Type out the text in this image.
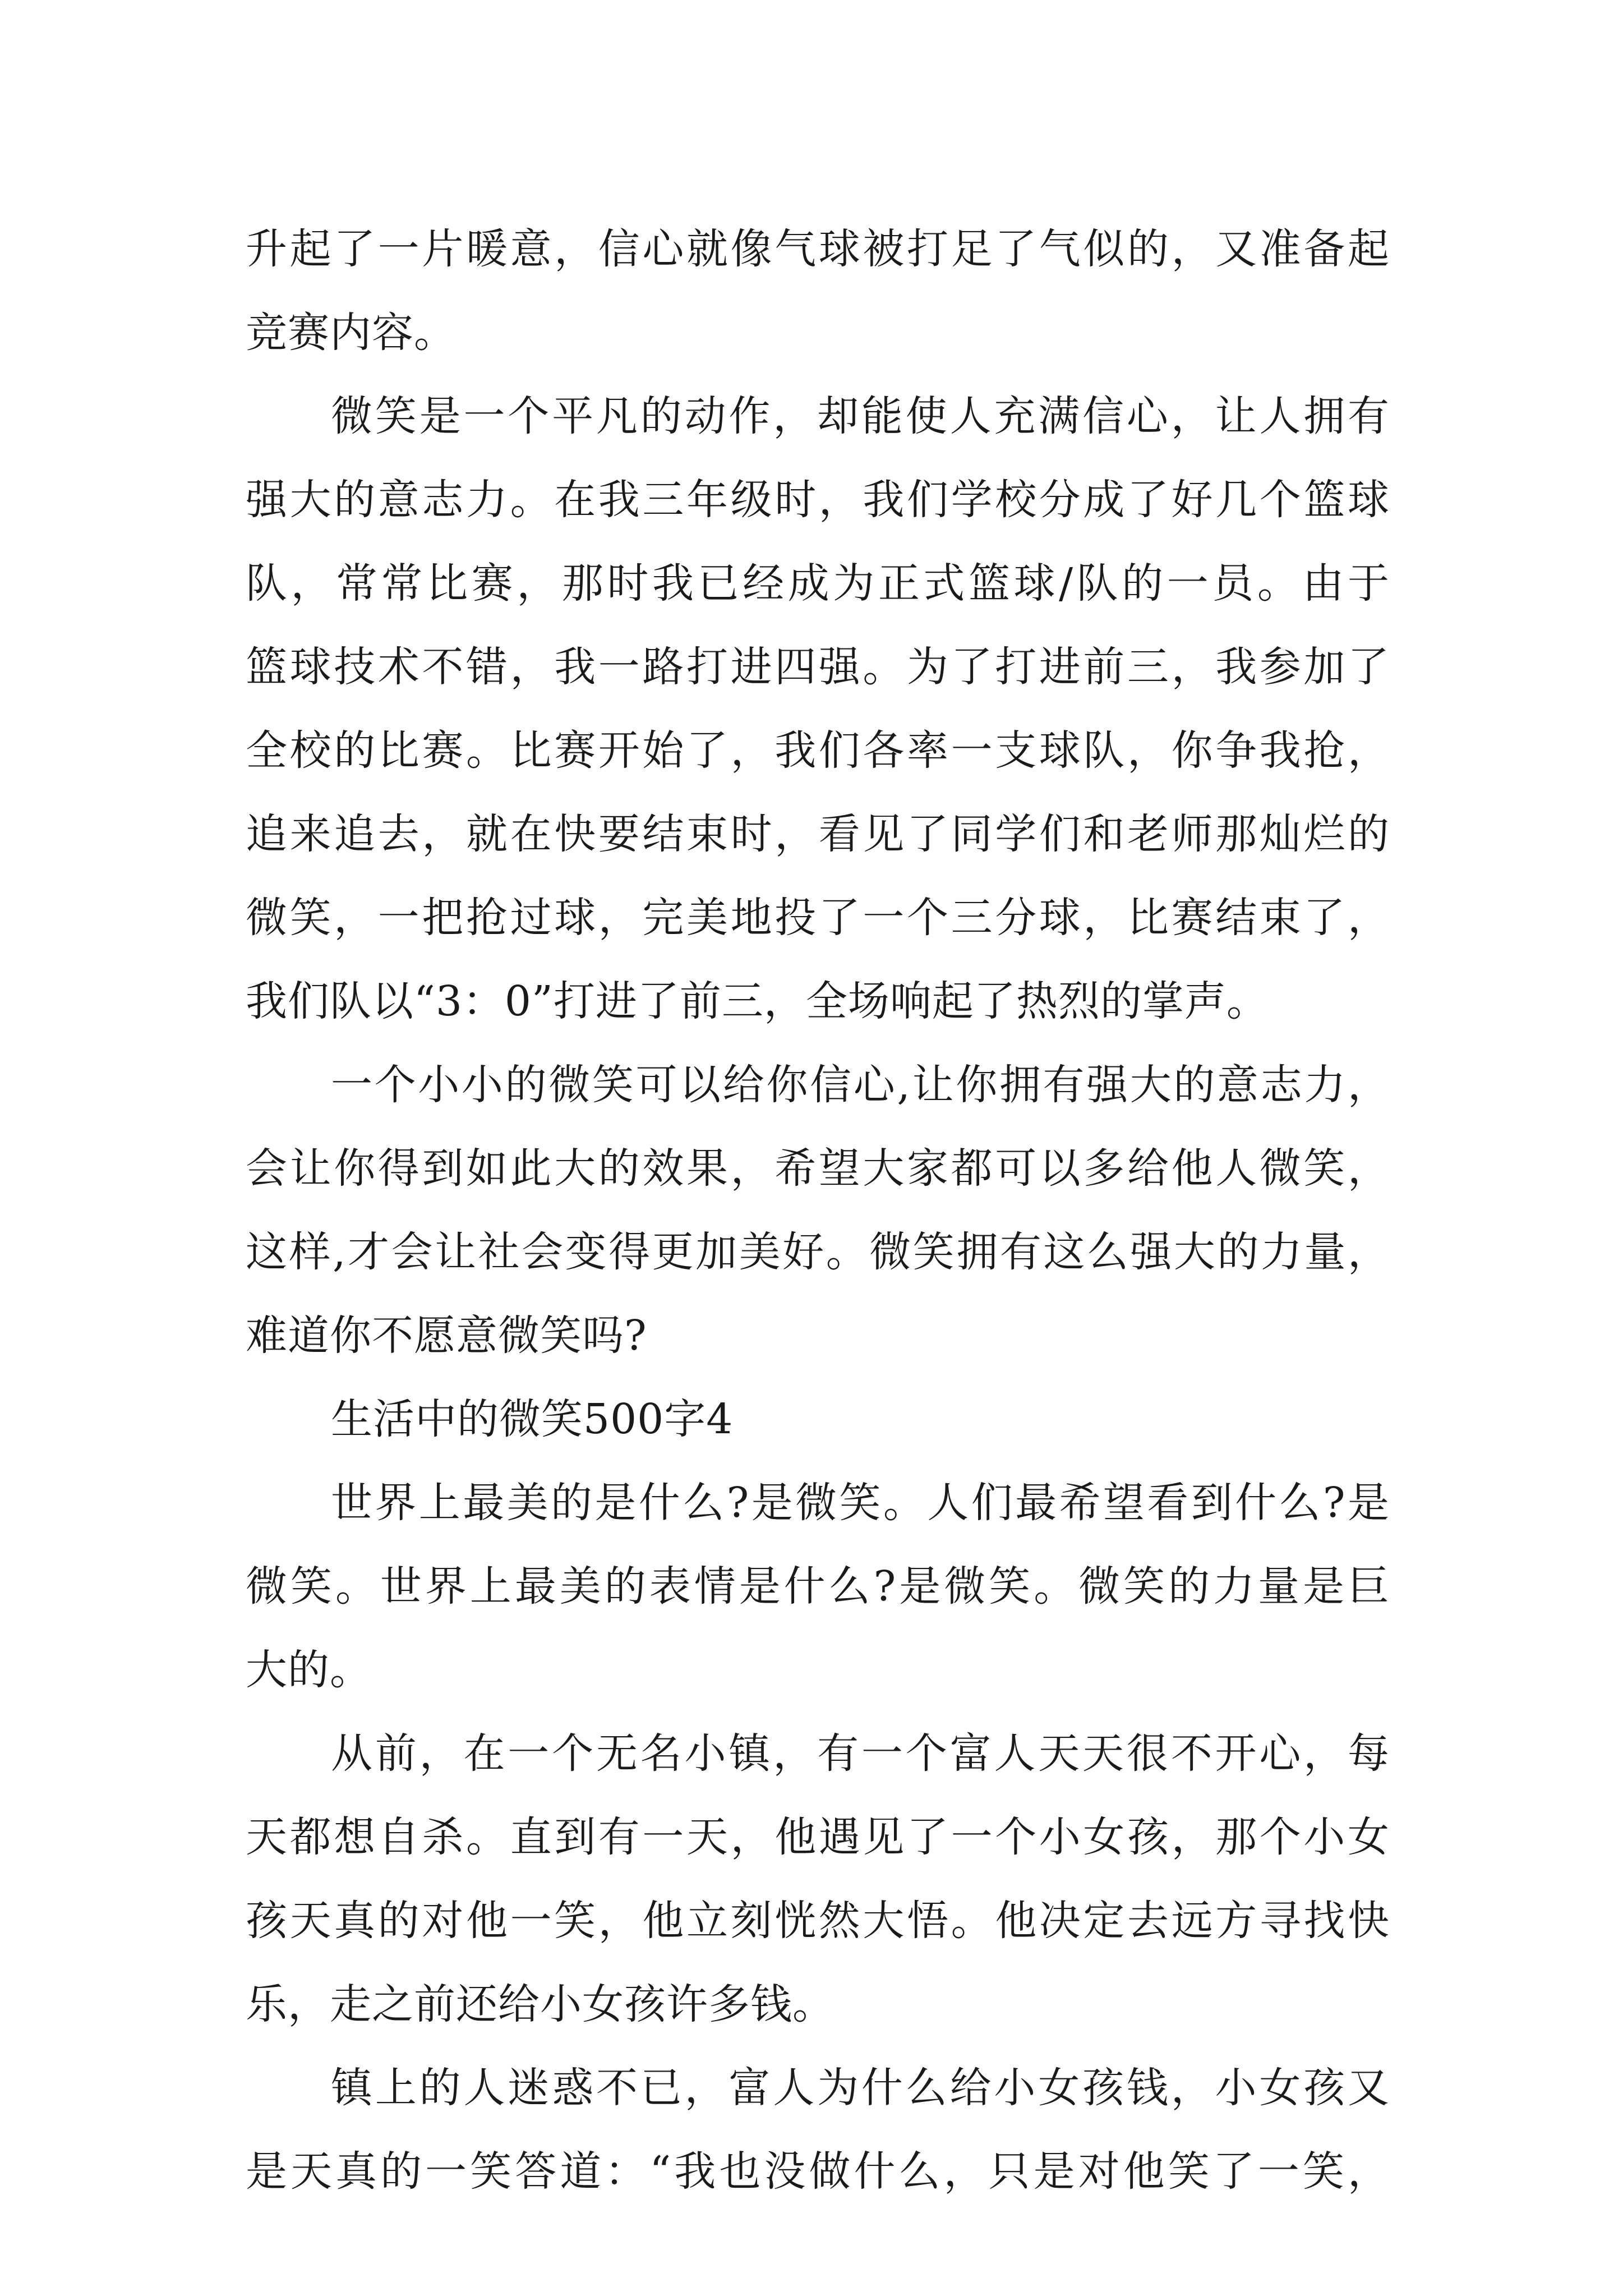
升起了一片暖意，信心就像气球被打足了气似的，又准备起
竞赛内容。
微笑是一个平凡的动作，却能使人充满信心，让人拥有
强大的意志力。在我三年级时，我们学校分成了好几个篮球
队，常常比赛，那时我已经成为正式篮球/队的一员。由于
篮球技术不错，我一路打进四强。为了打进前三，我参加了
全校的比赛。比赛开始了，我们各率一支球队，你争我抢，
追来追去，就在快要结束时，看见了同学们和老师那灿烂的
微笑，一把抢过球，完美地投了一个三分球，比赛结束了，
我们队以“3：0”打进了前三，全场响起了热烈的掌声。
一个小小的微笑可以给你信心,让你拥有强大的意志力，
会让你得到如此大的效果，希望大家都可以多给他人微笑，
这样,才会让社会变得更加美好。微笑拥有这么强大的力量，
难道你不愿意微笑吗?
生活中的微笑500字4
世界上最美的是什么?是微笑。人们最希望看到什么?是
微笑。世界上最美的表情是什么?是微笑。微笑的力量是巨
大的。
从前，在一个无名小镇，有一个富人天天很不开心，每
天都想自杀。直到有一天，他遇见了一个小女孩，那个小女
孩天真的对他一笑，他立刻恍然大悟。他决定去远方寻找快
乐，走之前还给小女孩许多钱。
镇上的人迷惑不已，富人为什么给小女孩钱，小女孩又
是天真的一笑答道：“我也没做什么，只是对他笑了一笑，
